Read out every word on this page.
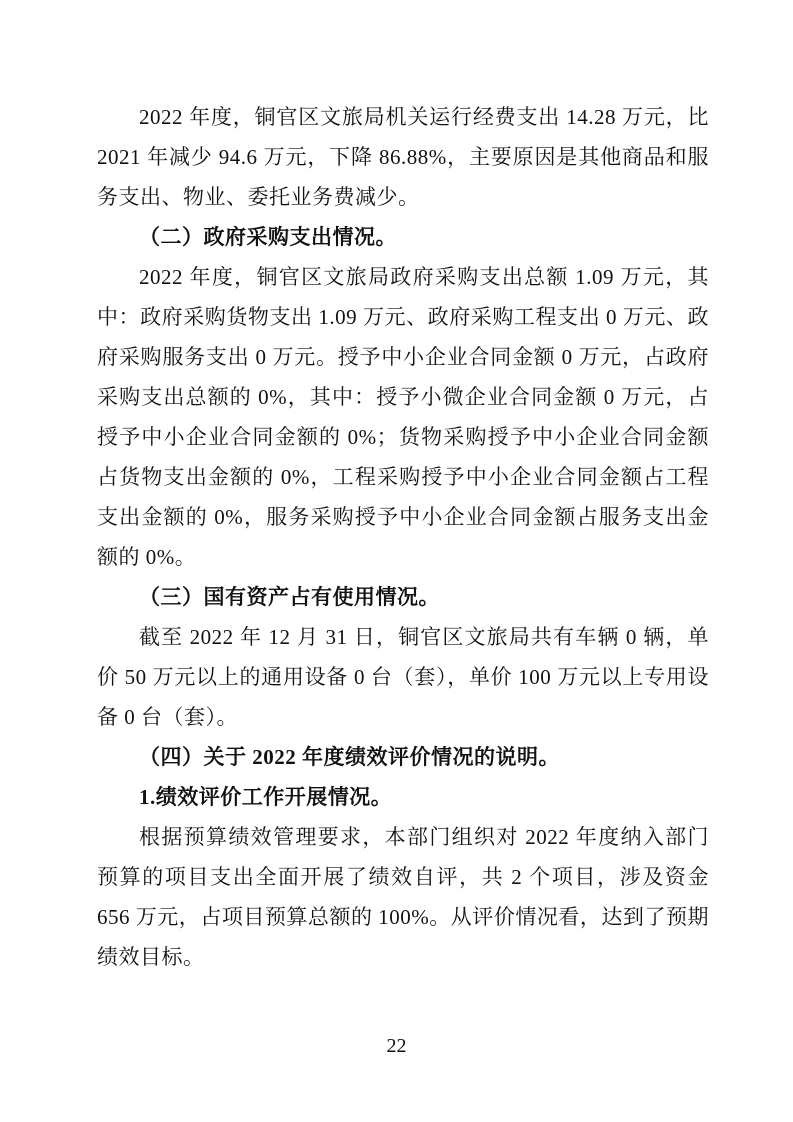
2022 年度，铜官区文旅局机关运行经费支出 14.28 万元，比 2021 年减少 94.6 万元，下降 86.88%，主要原因是其他商品和服务支出、物业、委托业务费减少。

（二）政府采购支出情况。

2022 年度，铜官区文旅局政府采购支出总额 1.09 万元，其中：政府采购货物支出 1.09 万元、政府采购工程支出 0 万元、政府采购服务支出 0 万元。授予中小企业合同金额 0 万元，占政府采购支出总额的 0%，其中：授予小微企业合同金额 0 万元，占授予中小企业合同金额的 0%；货物采购授予中小企业合同金额占货物支出金额的 0%，工程采购授予中小企业合同金额占工程支出金额的 0%，服务采购授予中小企业合同金额占服务支出金额的 0%。

（三）国有资产占有使用情况。

截至 2022 年 12 月 31 日，铜官区文旅局共有车辆 0 辆，单价 50 万元以上的通用设备 0 台（套），单价 100 万元以上专用设备 0 台（套）。

（四）关于 2022 年度绩效评价情况的说明。
1.绩效评价工作开展情况。

根据预算绩效管理要求，本部门组织对 2022 年度纳入部门预算的项目支出全面开展了绩效自评，共 2 个项目，涉及资金 656 万元，占项目预算总额的 100%。从评价情况看，达到了预期绩效目标。

22
